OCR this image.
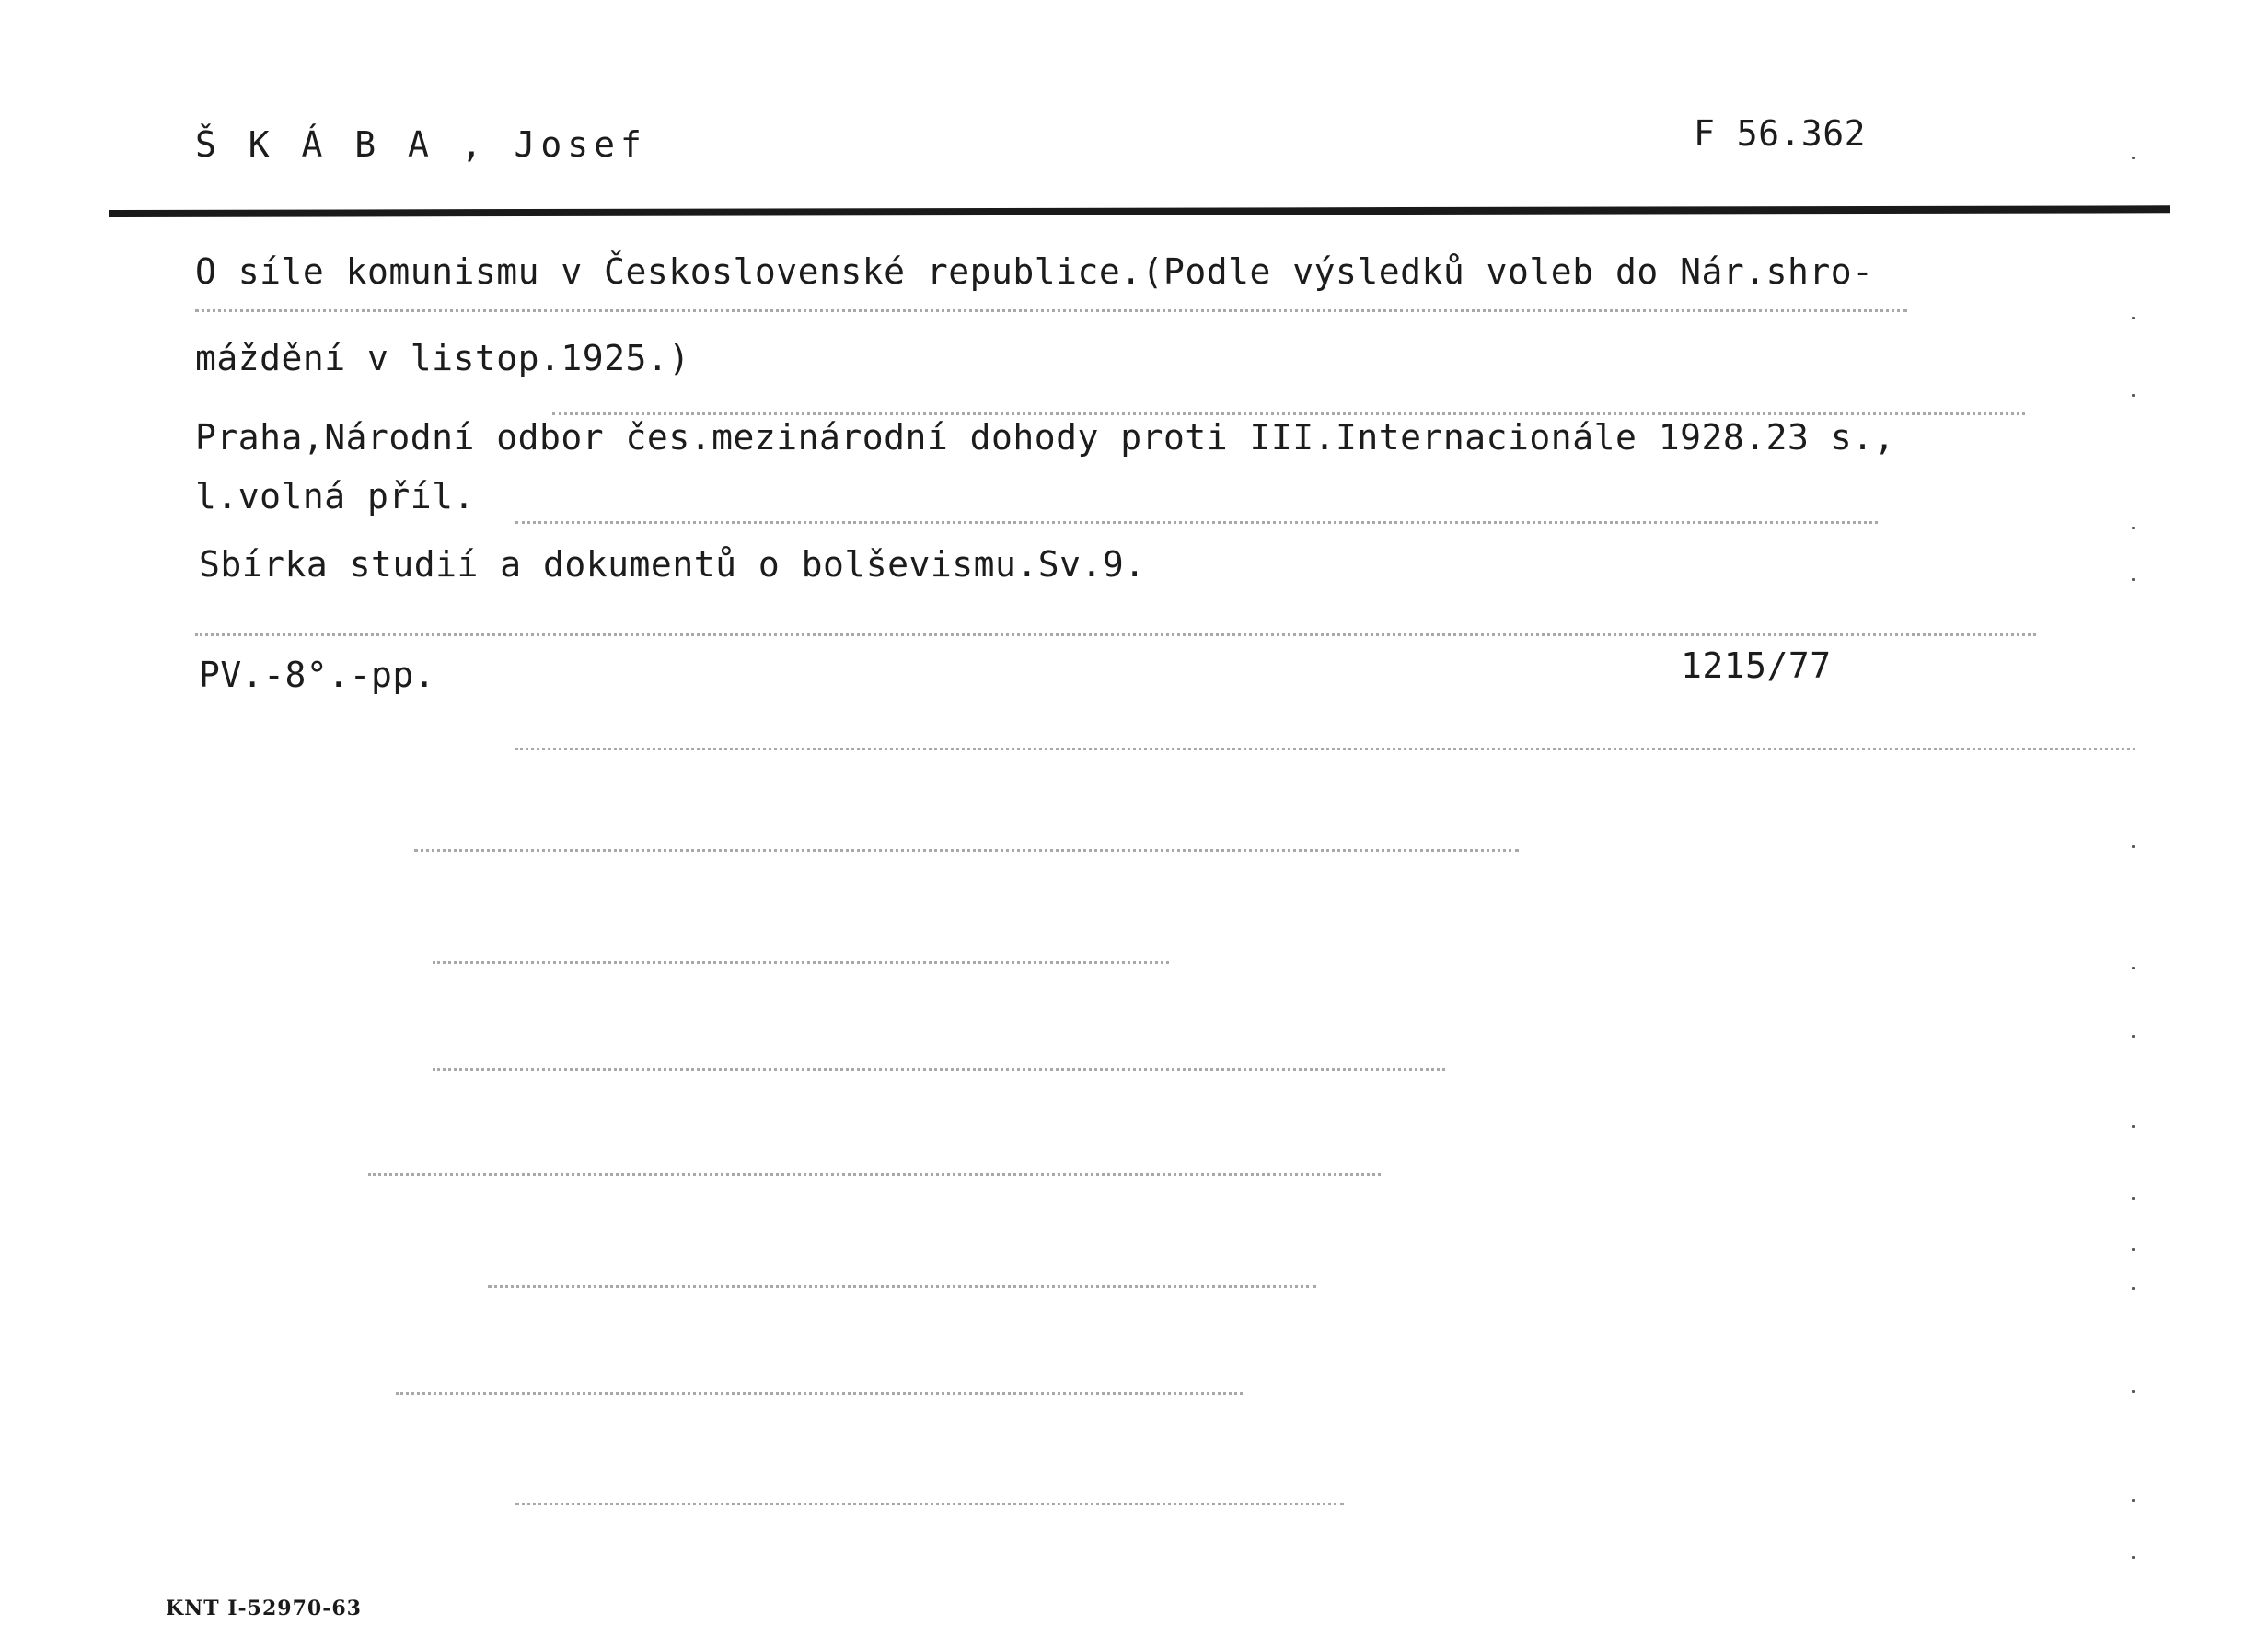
Š K Á B A , Josef	F 56.362
O síle komunismu v Československé republice.(Podle výsledků voleb do Nár.shro-
máždění v listop.1925.)
Praha,Národní odbor čes.mezinárodní dohody proti III.Internacionále 1928.23 s.,
l.volná příl.
Sbírka studií a dokumentů o bolševismu.Sv.9.
PV.-8°.-pp.	1215/77
KNT I-52970-63
